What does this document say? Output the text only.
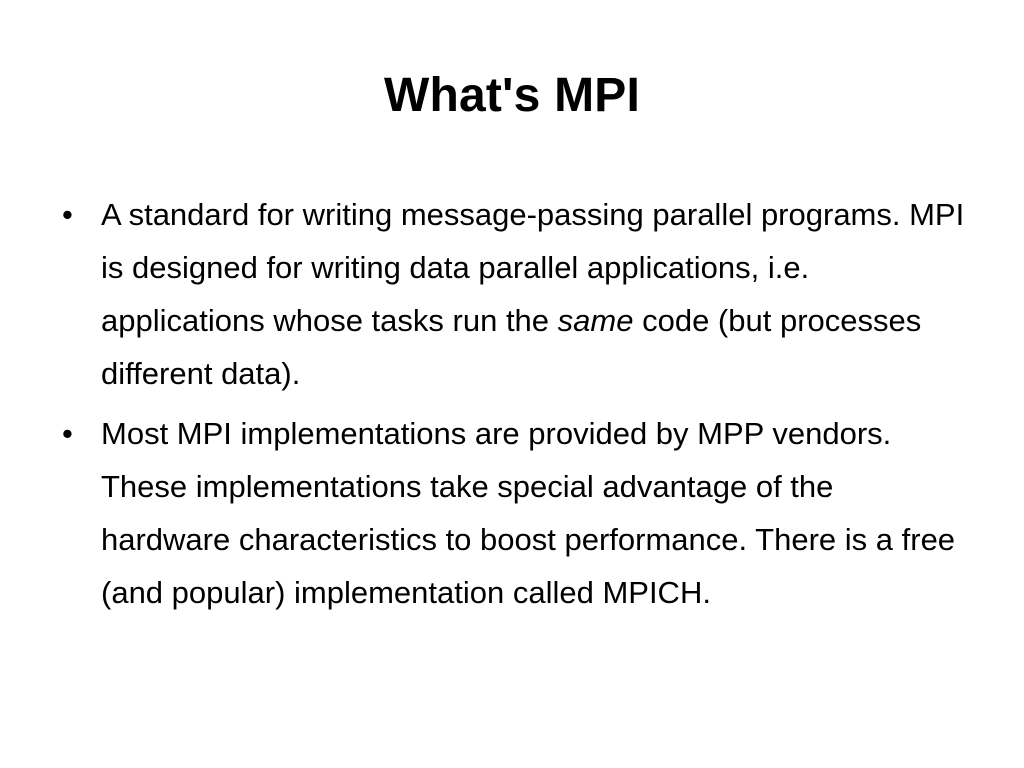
What's MPI
• A standard for writing message-passing parallel programs. MPI is designed for writing data parallel applications, i.e. applications whose tasks run the same code (but processes different data).
• Most MPI implementations are provided by MPP vendors. These implementations take special advantage of the hardware characteristics to boost performance. There is a free (and popular) implementation called MPICH.
